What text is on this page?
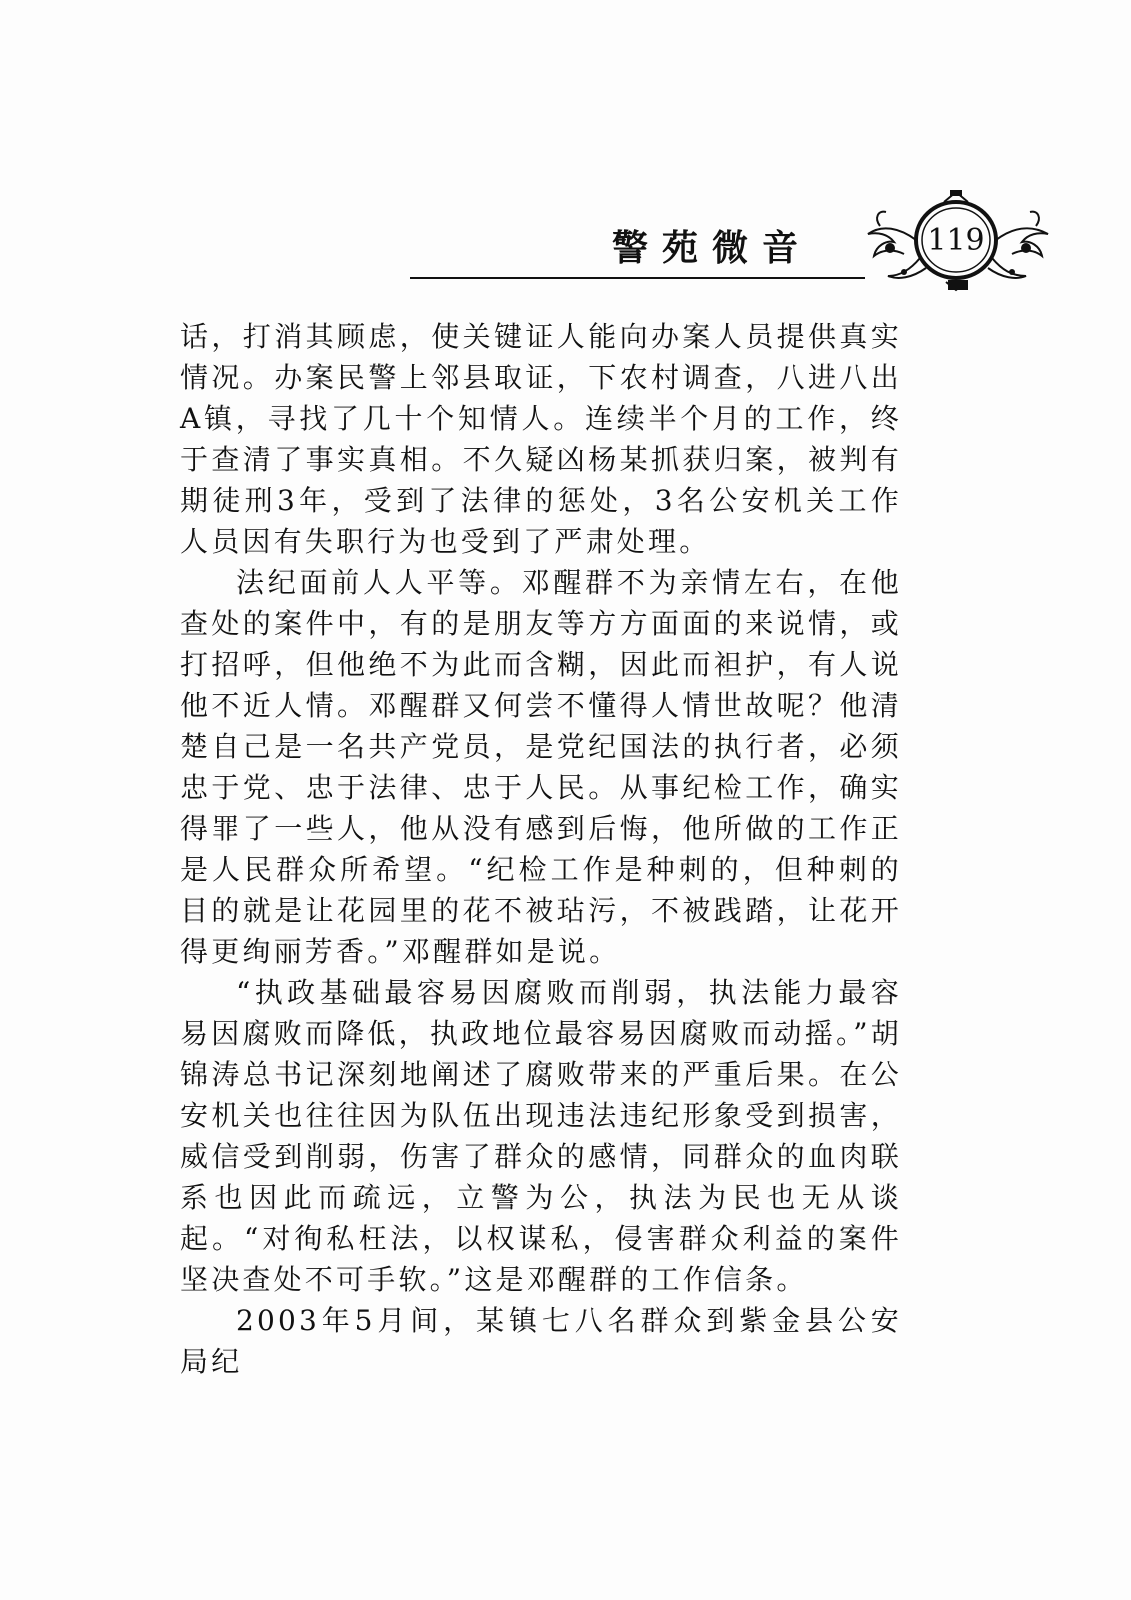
警苑微音	119

话，打消其顾虑，使关键证人能向办案人员提供真实情况。办案民警上邻县取证，下农村调查，八进八出A镇，寻找了几十个知情人。连续半个月的工作，终于查清了事实真相。不久疑凶杨某抓获归案，被判有期徒刑3年，受到了法律的惩处，3名公安机关工作人员因有失职行为也受到了严肃处理。

法纪面前人人平等。邓醒群不为亲情左右，在他查处的案件中，有的是朋友等方方面面的来说情，或打招呼，但他绝不为此而含糊，因此而袒护，有人说他不近人情。邓醒群又何尝不懂得人情世故呢？他清楚自己是一名共产党员，是党纪国法的执行者，必须忠于党、忠于法律、忠于人民。从事纪检工作，确实得罪了一些人，他从没有感到后悔，他所做的工作正是人民群众所希望。“纪检工作是种刺的，但种刺的目的就是让花园里的花不被玷污，不被践踏，让花开得更绚丽芳香。”邓醒群如是说。

“执政基础最容易因腐败而削弱，执法能力最容易因腐败而降低，执政地位最容易因腐败而动摇。”胡锦涛总书记深刻地阐述了腐败带来的严重后果。在公安机关也往往因为队伍出现违法违纪形象受到损害，威信受到削弱，伤害了群众的感情，同群众的血肉联系也因此而疏远，立警为公，执法为民也无从谈起。“对徇私枉法，以权谋私，侵害群众利益的案件坚决查处不可手软。”这是邓醒群的工作信条。

2003年5月间，某镇七八名群众到紫金县公安局纪
